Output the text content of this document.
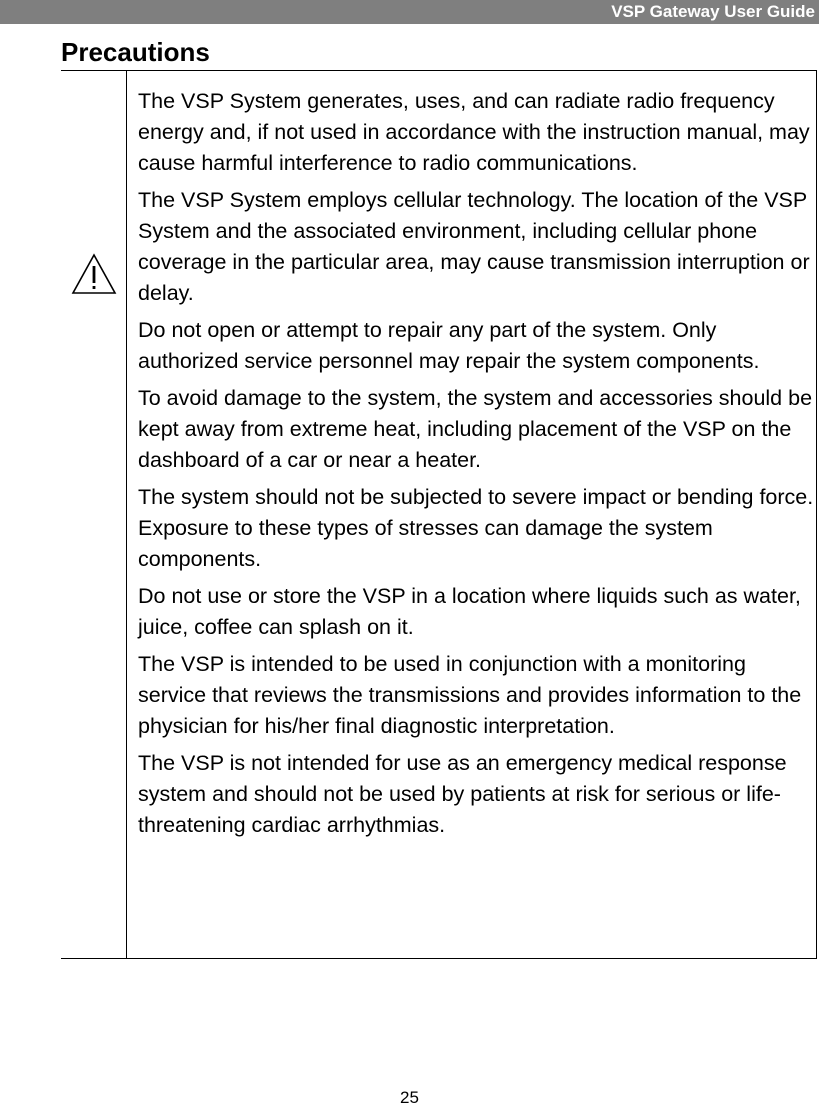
VSP Gateway User Guide
Precautions

The VSP System generates, uses, and can radiate radio frequency energy and, if not used in accordance with the instruction manual, may cause harmful interference to radio communications.

The VSP System employs cellular technology. The location of the VSP System and the associated environment, including cellular phone coverage in the particular area, may cause transmission interruption or delay.

Do not open or attempt to repair any part of the system. Only authorized service personnel may repair the system components.

To avoid damage to the system, the system and accessories should be kept away from extreme heat, including placement of the VSP on the dashboard of a car or near a heater.

The system should not be subjected to severe impact or bending force. Exposure to these types of stresses can damage the system components.

Do not use or store the VSP in a location where liquids such as water, juice, coffee can splash on it.

The VSP is intended to be used in conjunction with a monitoring service that reviews the transmissions and provides information to the physician for his/her final diagnostic interpretation.

The VSP is not intended for use as an emergency medical response system and should not be used by patients at risk for serious or life-threatening cardiac arrhythmias.

25
